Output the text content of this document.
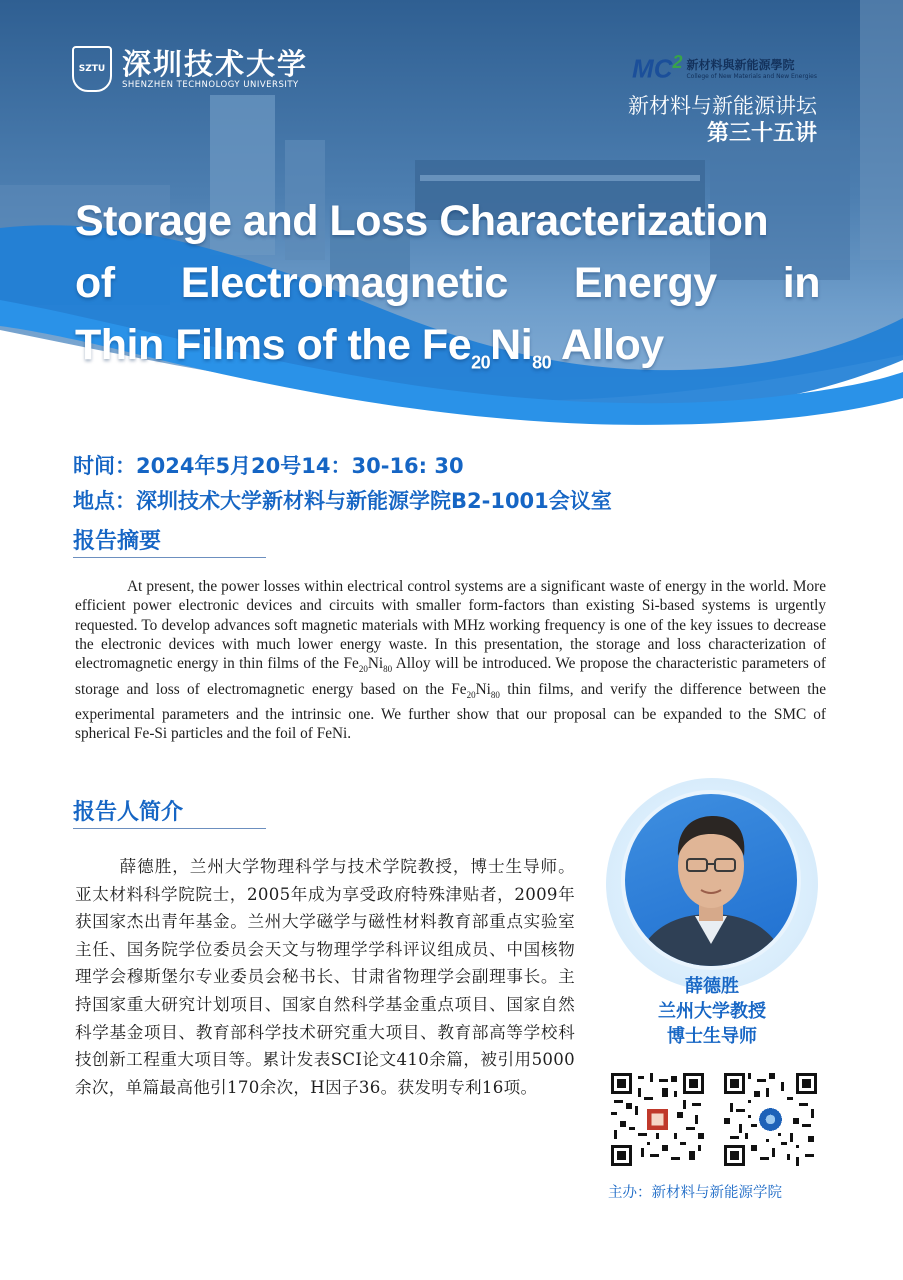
SZTU 深圳技术大学
SHENZHEN TECHNOLOGY UNIVERSITY
$MC^2$ 新材料與新能源學院
College of New Materials and New Energies
新材料与新能源讲坛
第三十五讲
Storage and Loss Characterization
of Electromagnetic Energy in
Thin Films of the $Fe_{20}Ni_{80}$ Alloy
时间：2024年5月20号14：30-16: 30
地点：深圳技术大学新材料与新能源学院B2-1001会议室
报告摘要
At present, the power losses within electrical control systems are a significant waste of energy in the world. More efficient power electronic devices and circuits with smaller form-factors than existing Si-based systems is urgently requested. To develop advances soft magnetic materials with MHz working frequency is one of the key issues to decrease the electronic devices with much lower energy waste. In this presentation, the storage and loss characterization of electromagnetic energy in thin films of the $Fe_{20}Ni_{80}$ Alloy will be introduced. We propose the characteristic parameters of storage and loss of electromagnetic energy based on the $Fe_{20}Ni_{80}$ thin films, and verify the difference between the experimental parameters and the intrinsic one. We further show that our proposal can be expanded to the SMC of spherical Fe-Si particles and the foil of FeNi.
报告人简介
薛德胜，兰州大学物理科学与技术学院教授，博士生导师。亚太材料科学院院士，2005年成为享受政府特殊津贴者，2009年获国家杰出青年基金。兰州大学磁学与磁性材料教育部重点实验室主任、国务院学位委员会天文与物理学学科评议组成员、中国核物理学会穆斯堡尔专业委员会秘书长、甘肃省物理学会副理事长。主持国家重大研究计划项目、国家自然科学基金重点项目、国家自然科学基金项目、教育部科学技术研究重大项目、教育部高等学校科技创新工程重大项目等。累计发表SCI论文410余篇，被引用5000余次，单篇最高他引170余次，H因子36。获发明专利16项。
薛德胜
兰州大学教授
博士生导师
主办：新材料与新能源学院
